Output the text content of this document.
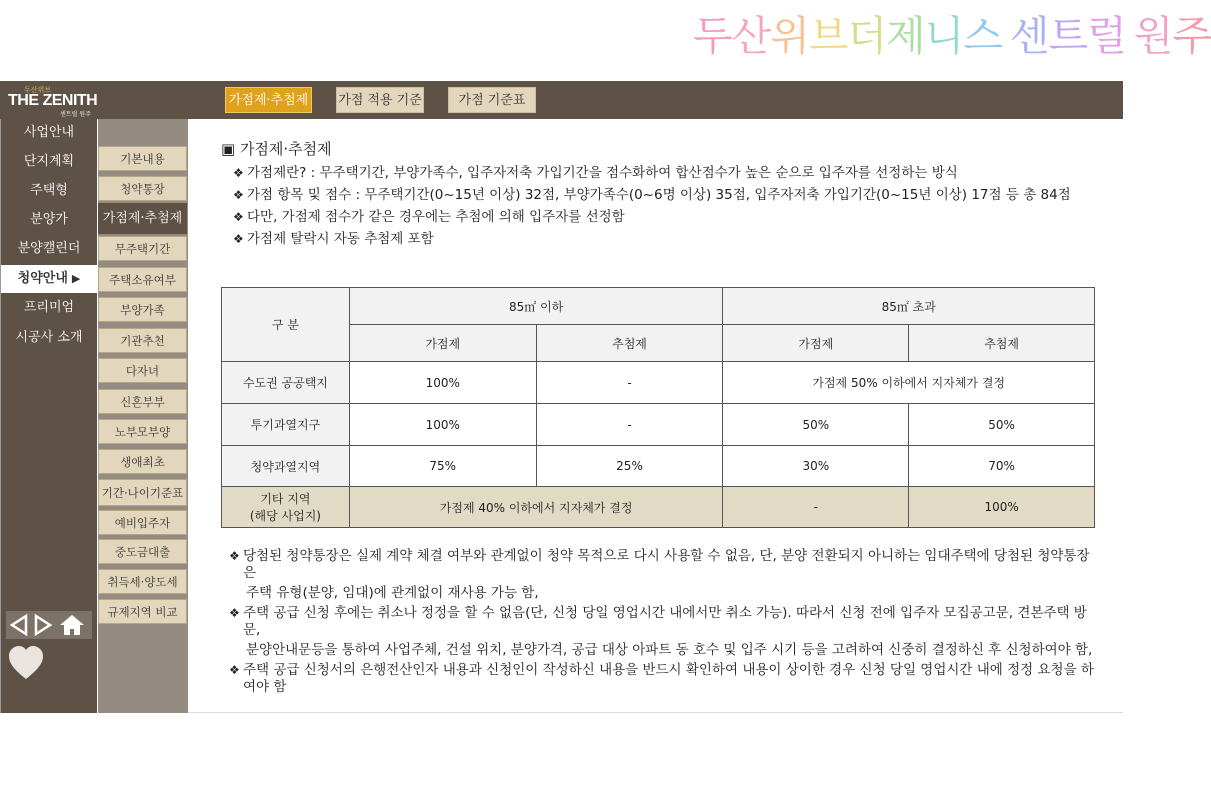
두산위브더제니스 센트럴 원주
두산위브
THE ZENITH
센트럴 원주
가점제·추첨제 가점 적용 기준	가점 기준표
사업안내
단지계획
주택형
분양가
분양캘린더
청약안내 ▶
프리미엄
시공사 소개
기본내용
청약통장
가점제·추첨제
무주택기간
주택소유여부
부양가족
기관추천
다자녀
신혼부부
노부모부양
생애최초
기간·나이기준표
예비입주자
중도금대출
취득세·양도세
규제지역 비교
▣ 가점제·추첨제
❖ 가점제란? : 무주택기간, 부양가족수, 입주자저축 가입기간을 점수화하여 합산점수가 높은 순으로 입주자를 선정하는 방식
❖ 가점 항목 및 점수 : 무주택기간(0~15년 이상) 32점, 부양가족수(0~6명 이상) 35점, 입주자저축 가입기간(0~15년 이상) 17점 등 총 84점
❖ 다만, 가점제 점수가 같은 경우에는 추첨에 의해 입주자를 선정함
❖ 가점제 탈락시 자동 추첨제 포함
구 분	85㎡ 이하		85㎡ 초과	
	가점제	추첨제	가점제	추첨제
수도권 공공택지	100%	-	가점제 50% 이하에서 지자체가 결정	
투기과열지구	100%	-	50%	50%
청약과열지역	75%	25%	30%	70%
기타 지역
(해당 사업지)	가점제 40% 이하에서 지자체가 결정		-	100%

❖ 당첨된 청약통장은 실제 계약 체결 여부와 관계없이 청약 목적으로 다시 사용할 수 없음, 단, 분양 전환되지 아니하는 임대주택에 당첨된 청약통장은

주택 유형(분양, 임대)에 관계없이 재사용 가능 함,

❖ 주택 공급 신청 후에는 취소나 정정을 할 수 없음(단, 신청 당일 영업시간 내에서만 취소 가능). 따라서 신청 전에 입주자 모집공고문, 견본주택 방문,

분양안내문등을 통하여 사업주체, 건설 위치, 분양가격, 공급 대상 아파트 동 호수 및 입주 시기 등을 고려하여 신중히 결정하신 후 신청하여야 함,

❖ 주택 공급 신청서의 은행전산인자 내용과 신청인이 작성하신 내용을 반드시 확인하여 내용이 상이한 경우 신청 당일 영업시간 내에 정정 요청을 하여야 함
